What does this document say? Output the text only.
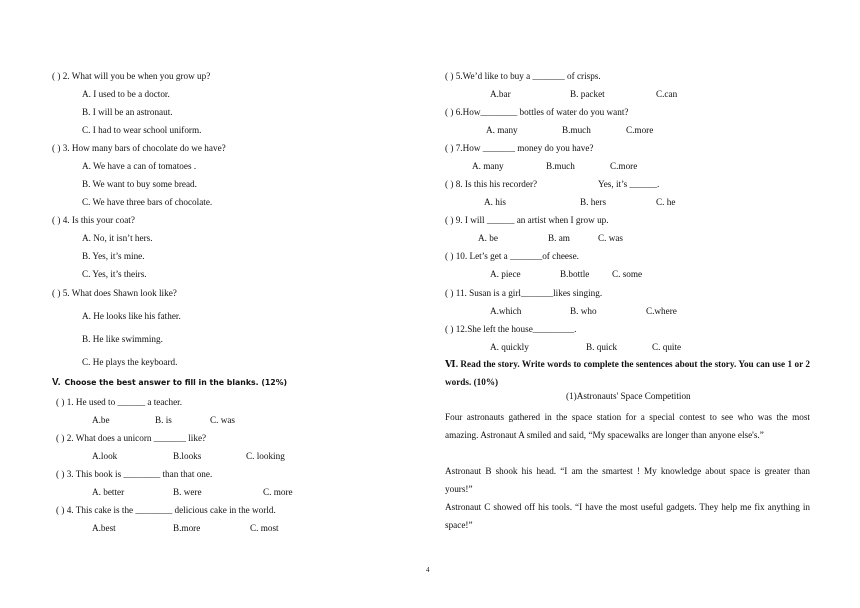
( ) 2. What will you be when you grow up?
A. I used to be a doctor.
B. I will be an astronaut.
C. I had to wear school uniform.
( ) 3. How many bars of chocolate do we have?
A. We have a can of tomatoes .
B. We want to buy some bread.
C. We have three bars of chocolate.
( ) 4. Is this your coat?
A. No, it isn’t hers.
B. Yes, it’s mine.
C. Yes, it’s theirs.
( ) 5. What does Shawn look like?
A. He looks like his father.
B. He like swimming.
C. He plays the keyboard.
V. Choose the best answer to fill in the blanks. (12%)
( ) 1. He used to ______ a teacher.
A.be	B. is	C. was
( ) 2. What does a unicorn _______ like?
A.look	B.looks	C. looking
( ) 3. This book is ________ than that one.
A. better	B. were	C. more
( ) 4. This cake is the ________ delicious cake in the world.
A.best	B.more	C. most
( ) 5.We’d like to buy a _______ of crisps.
A.bar	B. packet	C.can
( ) 6.How________ bottles of water do you want?
A. many	B.much	C.more
( ) 7.How _______ money do you have?
A. many	B.much	C.more
( ) 8. Is this his recorder?	Yes, it’s ______.
A. his	B. hers	C. he
( ) 9. I will ______ an artist when I grow up.
A. be	B. am	C. was
( ) 10. Let’s get a _______of cheese.
A. piece	B.bottle C. some
( ) 11. Susan is a girl_______likes singing.
A.which	B. who	C.where
( ) 12.She left the house_________.
A. quickly	B. quick	C. quite
Ⅵ. Read the story. Write words to complete the sentences about the story. You can use 1 or 2 words. (10%)
(1)Astronauts' Space Competition
Four astronauts gathered in the space station for a special contest to see who was the most amazing. Astronaut A smiled and said, “My spacewalks are longer than anyone else's.”
Astronaut B shook his head. “I am the smartest ! My knowledge about space is greater than yours!”
Astronaut C showed off his tools. “I have the most useful gadgets. They help me fix anything in space!”
4
